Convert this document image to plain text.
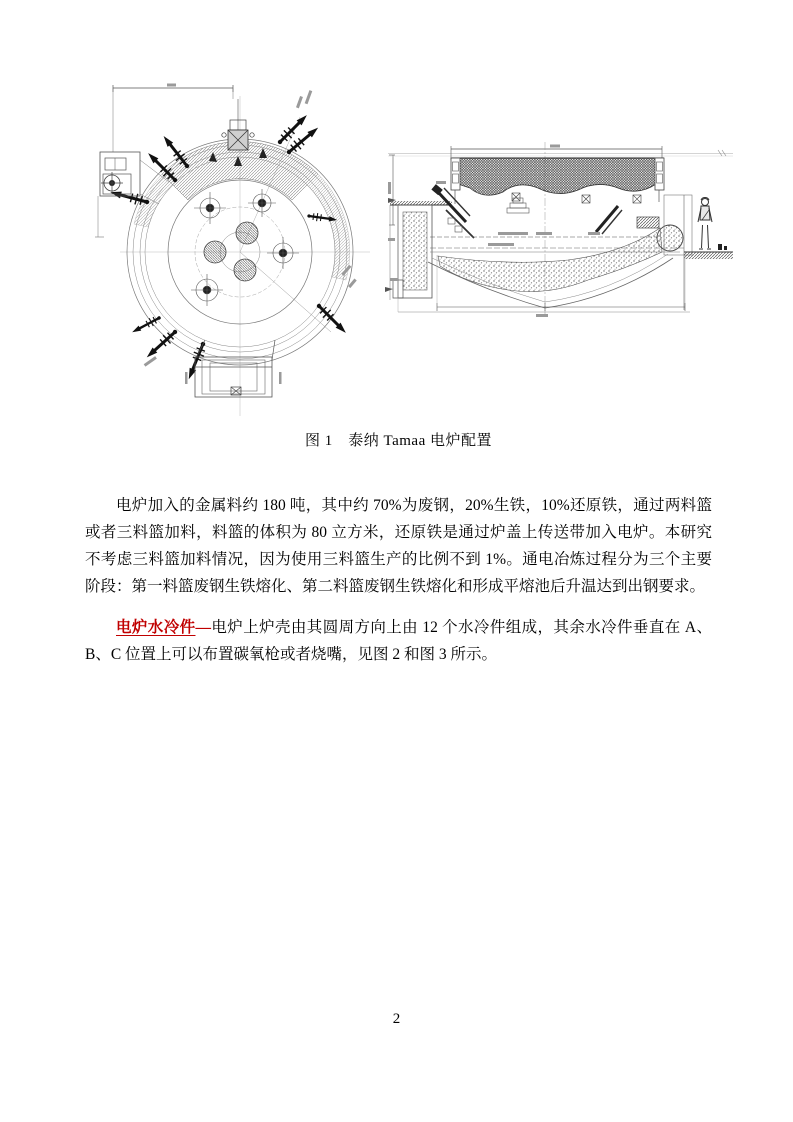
图 1　泰纳 Tamaa 电炉配置

电炉加入的金属料约 180 吨，其中约 70%为废钢，20%生铁，10%还原铁，通过两料篮或者三料篮加料，料篮的体积为 80 立方米，还原铁是通过炉盖上传送带加入电炉。本研究不考虑三料篮加料情况，因为使用三料篮生产的比例不到 1%。通电冶炼过程分为三个主要阶段：第一料篮废钢生铁熔化、第二料篮废钢生铁熔化和形成平熔池后升温达到出钢要求。

电炉水冷件—电炉上炉壳由其圆周方向上由 12 个水冷件组成，其余水冷件垂直在 A、B、C 位置上可以布置碳氧枪或者烧嘴，见图 2 和图 3 所示。

2
